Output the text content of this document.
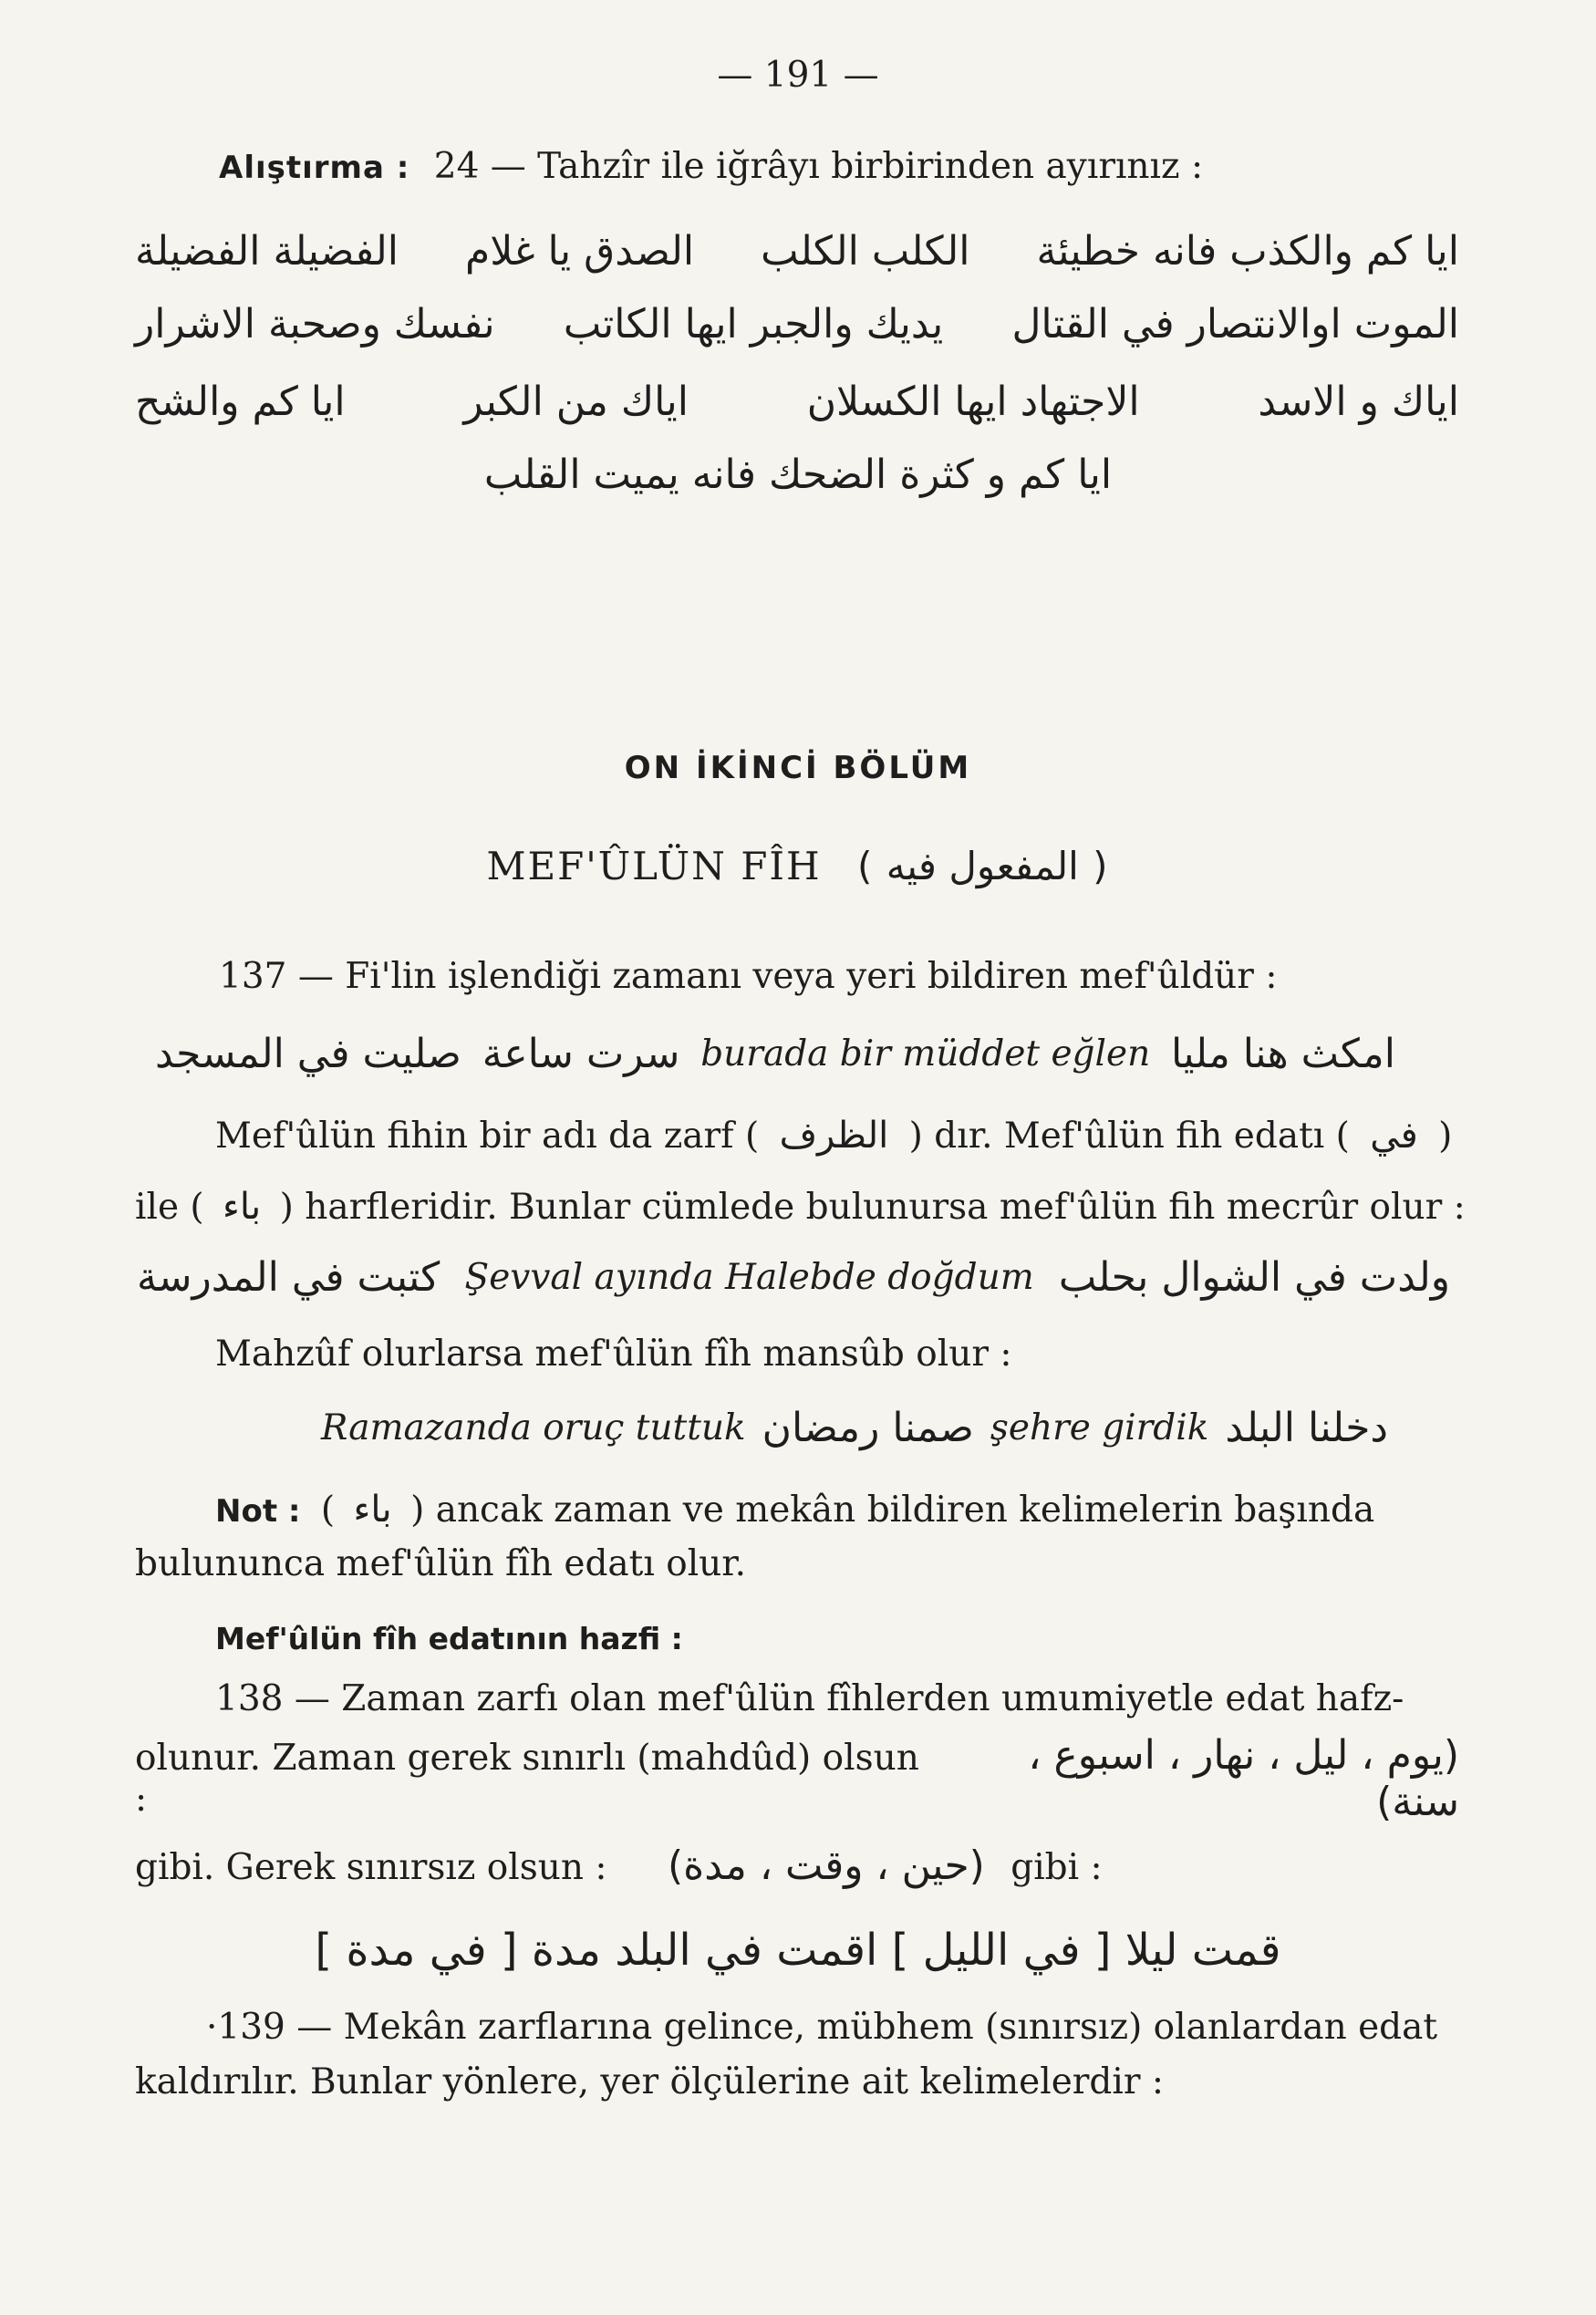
— 191 —
Alıştırma : 24 — Tahzîr ile iğrâyı birbirinden ayırınız :
ايا كم والكذب فانه خطيئة
الكلب الكلب
الصدق يا غلام
الفضيلة الفضيلة
الموت اوالانتصار في القتال
يديك والجبر ايها الكاتب
نفسك وصحبة الاشرار
اياك و الاسد
الاجتهاد ايها الكسلان
اياك من الكبر
ايا كم والشح
ايا كم و كثرة الضحك فانه يميت القلب
ON İKİNCİ BÖLÜM
MEF'ÛLÜN FÎH ( المفعول فيه )
137 — Fi'lin işlendiği zamanı veya yeri bildiren mef'ûldür :
صليت في المسجد سرت ساعة burada bir müddet eğlen امكث هنا مليا
Mef'ûlün fihin bir adı da zarf ( الظرف ) dır. Mef'ûlün fih edatı ( في )
ile ( باء ) harfleridir. Bunlar cümlede bulunursa mef'ûlün fih mecrûr olur :
كتبت في المدرسة Şevval ayında Halebde doğdum ولدت في الشوال بحلب
Mahzûf olurlarsa mef'ûlün fîh mansûb olur :
Ramazanda oruç tuttuk صمنا رمضان şehre girdik دخلنا البلد
Not : ( باء ) ancak zaman ve mekân bildiren kelimelerin başında
bulununca mef'ûlün fîh edatı olur.
Mef'ûlün fîh edatının hazfi :
138 — Zaman zarfı olan mef'ûlün fîhlerden umumiyetle edat hafz-
olunur. Zaman gerek sınırlı (mahdûd) olsun :
(يوم ، ليل ، نهار ، اسبوع ، سنة)
gibi. Gerek sınırsız olsun : (حين ، وقت ، مدة) gibi :
قمت ليلا [ في الليل ] اقمت في البلد مدة [ في مدة ]
·139 — Mekân zarflarına gelince, mübhem (sınırsız) olanlardan edat
kaldırılır. Bunlar yönlere, yer ölçülerine ait kelimelerdir :
